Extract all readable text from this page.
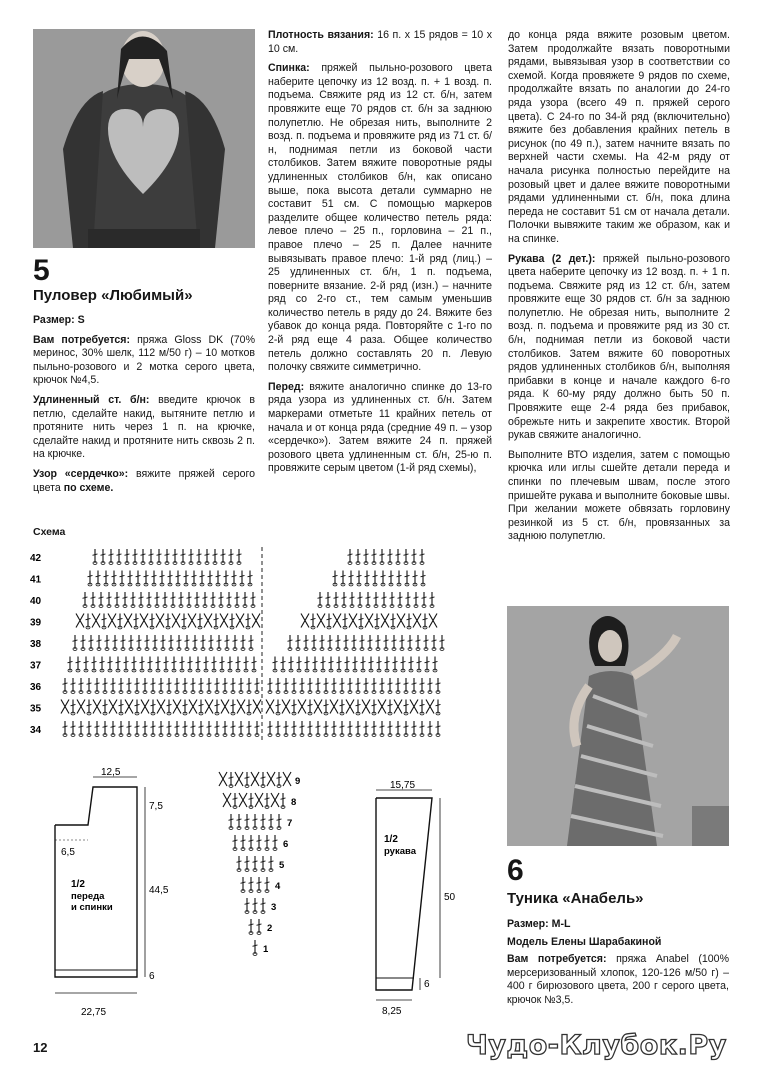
5
Пуловер «Любимый»

Размер: S

Вам потребуется: пряжа Gloss DK (70% меринос, 30% шелк, 112 м/50 г) – 10 мотков пыльно-розового и 2 мотка серого цвета, крючок №4,5.

Удлиненный ст. б/н: введите крючок в петлю, сделайте накид, вытяните петлю и протяните нить через 1 п. на крючке, сделайте накид и протяните нить сквозь 2 п. на крючке.

Узор «сердечко»: вяжите пряжей серого цвета по схеме.

Плотность вязания: 16 п. х 15 рядов = 10 х 10 см.

Спинка: пряжей пыльно-розового цвета наберите цепочку из 12 возд. п. + 1 возд. п. подъема. Свяжите ряд из 12 ст. б/н, затем провяжите еще 70 рядов ст. б/н за заднюю полупетлю. Не обрезая нить, выполните 2 возд. п. подъема и провяжите ряд из 71 ст. б/н, поднимая петли из боковой части столбиков. Затем вяжите поворотные ряды удлиненных столбиков б/н, как описано выше, пока высота детали суммарно не составит 51 см. С помощью маркеров разделите общее количество петель ряда: левое плечо – 25 п., горловина – 21 п., правое плечо – 25 п. Далее начните вывязывать правое плечо: 1-й ряд (лиц.) – 25 удлиненных ст. б/н, 1 п. подъема, поверните вязание. 2-й ряд (изн.) – начните ряд со 2-го ст., тем самым уменьшив количество петель в ряду до 24. Вяжите без убавок до конца ряда. Повторяйте с 1-го по 2-й ряд еще 4 раза. Общее количество петель должно составлять 20 п. Левую полочку свяжите симметрично.

Перед: вяжите аналогично спинке до 13-го ряда узора из удлиненных ст. б/н. Затем маркерами отметьте 11 крайних петель от начала и от конца ряда (средние 49 п. – узор «сердечко»). Затем вяжите 24 п. пряжей розового цвета удлиненным ст. б/н, 25-ю п. провяжите серым цветом (1-й ряд схемы),

до конца ряда вяжите розовым цветом. Затем продолжайте вязать поворотными рядами, вывязывая узор в соответствии со схемой. Когда провяжете 9 рядов по схеме, продолжайте вязать по аналогии до 24-го ряда узора (всего 49 п. пряжей серого цвета). С 24-го по 34-й ряд (включительно) вяжите без добавления крайних петель в рисунок (по 49 п.), затем начните вязать по верхней части схемы. На 42-м ряду от начала рисунка полностью перейдите на розовый цвет и далее вяжите поворотными рядами удлиненными ст. б/н, пока длина переда не составит 51 см от начала детали. Полочки вывяжите таким же образом, как и на спинке.

Рукава (2 дет.): пряжей пыльно-розового цвета наберите цепочку из 12 возд. п. + 1 п. подъема. Свяжите ряд из 12 ст. б/н, затем провяжите еще 30 рядов ст. б/н за заднюю полупетлю. Не обрезая нить, выполните 2 возд. п. подъема и провяжите ряд из 30 ст. б/н, поднимая петли из боковой части столбиков. Затем вяжите 60 поворотных рядов удлиненных столбиков б/н, выполняя прибавки в конце и начале каждого 6-го ряда. К 60-му ряду должно быть 50 п. Провяжите еще 2-4 ряда без прибавок, обрежьте нить и закрепите хвостик. Второй рукав свяжите аналогично.

Выполните ВТО изделия, затем с помощью крючка или иглы сшейте детали переда и спинки по плечевым швам, после этого пришейте рукава и выполните боковые швы. При желании можете обвязать горловину резинкой из 5 ст. б/н, провязанных за заднюю полупетлю.

Схема
42
41
40
39
38
37
36
35
34
9
8
7
6
5
4
3
2
1
12,5
7,5
6,5
44,5
6
22,75
1/2
переда
и спинки
15,75
50
6
8,25
1/2
рукава
6
Туника «Анабель»

Размер: M-L

Модель Елены Шарабакиной

Вам потребуется: пряжа Anabel (100% мерсеризованный хлопок, 120-126 м/50 г) – 400 г бирюзового цвета, 200 г серого цвета, крючок №3,5.

12	Чудо-Клубок.Ру
